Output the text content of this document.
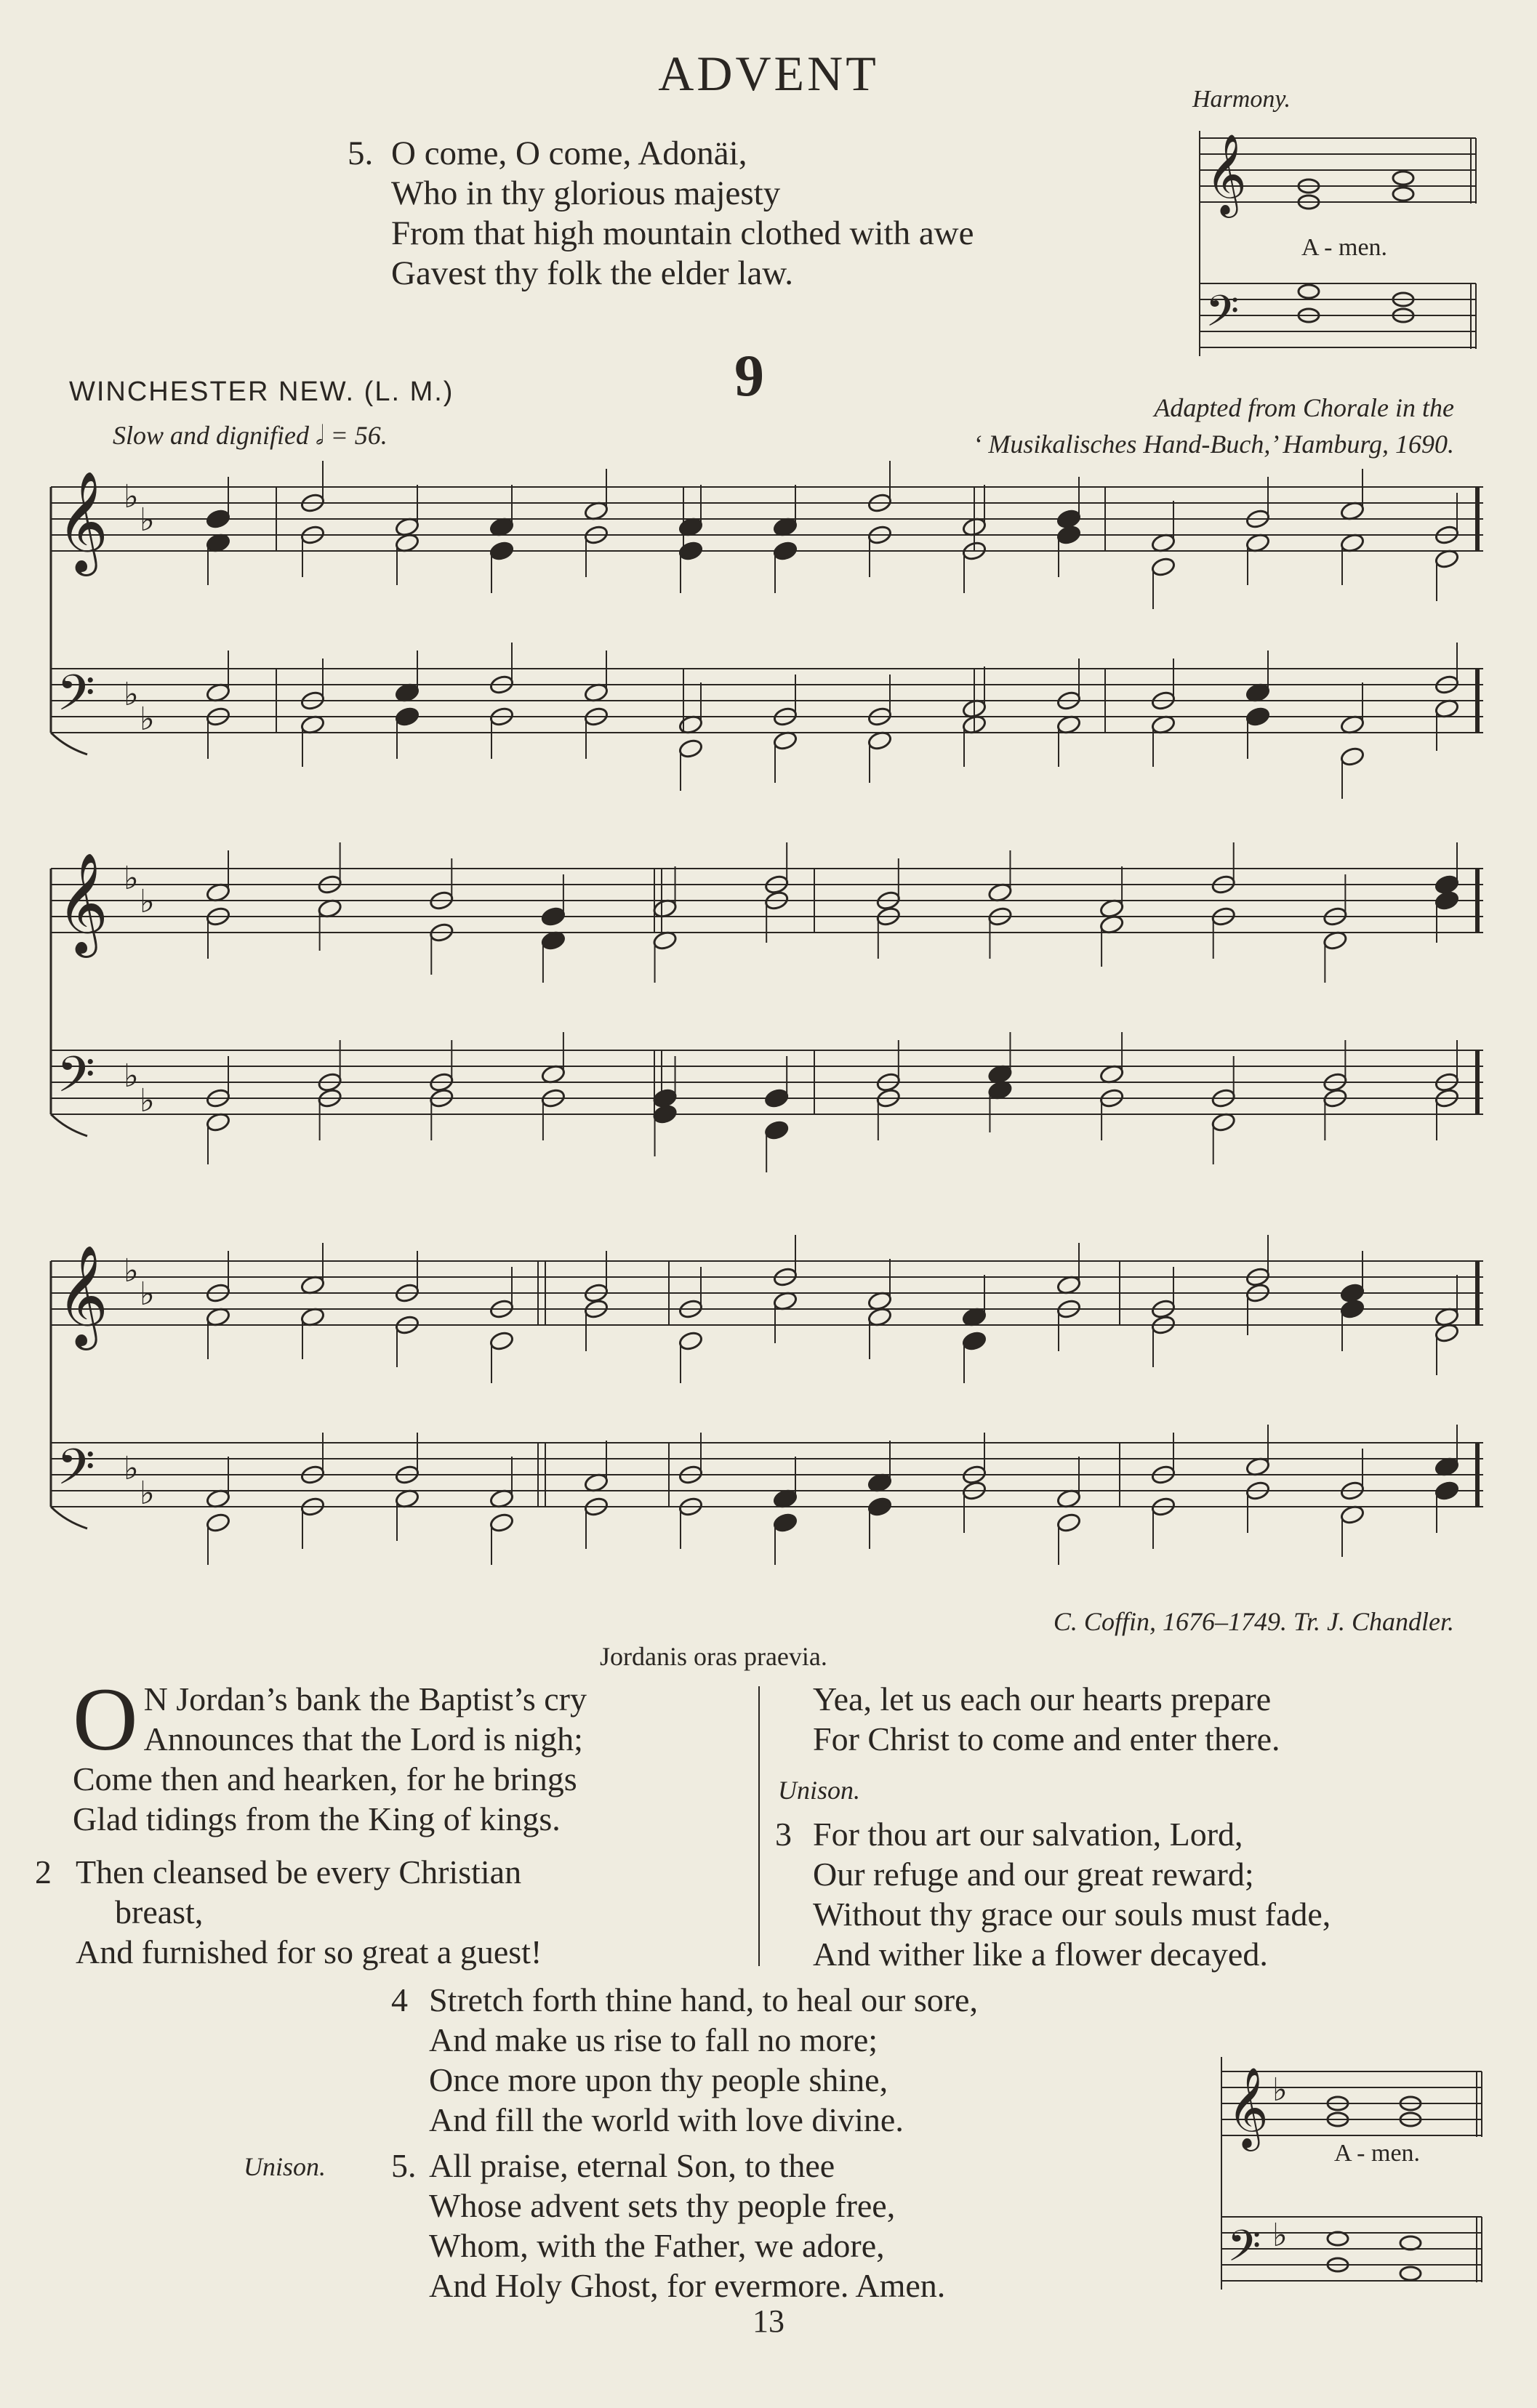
ADVENT
5. O come, O come, Adonäi,
Who in thy glorious majesty
From that high mountain clothed with awe
Gavest thy folk the elder law.
Harmony.
𝄞
𝄢
A - men.
9
WINCHESTER NEW. (L. M.)
Slow and dignified 𝅗𝅥 = 56.
Adapted from Chorale in the
‘ Musikalisches Hand-Buch,’ Hamburg, 1690.
𝄞 ♭
♭
𝄢 ♭
♭
𝄞 ♭
♭
𝄢 ♭
♭
𝄞 ♭
♭
𝄢 ♭
♭
C. Coffin, 1676–1749. Tr. J. Chandler.
Jordanis oras praevia.
O N Jordan’s bank the Baptist’s cry
Announces that the Lord is nigh;
Come then and hearken, for he brings
Glad tidings from the King of kings.
2 Then cleansed be every Christian
breast,
And furnished for so great a guest!
Yea, let us each our hearts prepare
For Christ to come and enter there.
Unison.
3 For thou art our salvation, Lord,
Our refuge and our great reward;
Without thy grace our souls must fade,
And wither like a flower decayed.
4 Stretch forth thine hand, to heal our sore,
And make us rise to fall no more;
Once more upon thy people shine,
And fill the world with love divine.
Unison. 5. All praise, eternal Son, to thee
Whose advent sets thy people free,
Whom, with the Father, we adore,
And Holy Ghost, for evermore. Amen.
𝄞
𝄢
♭
♭
A - men.
13
